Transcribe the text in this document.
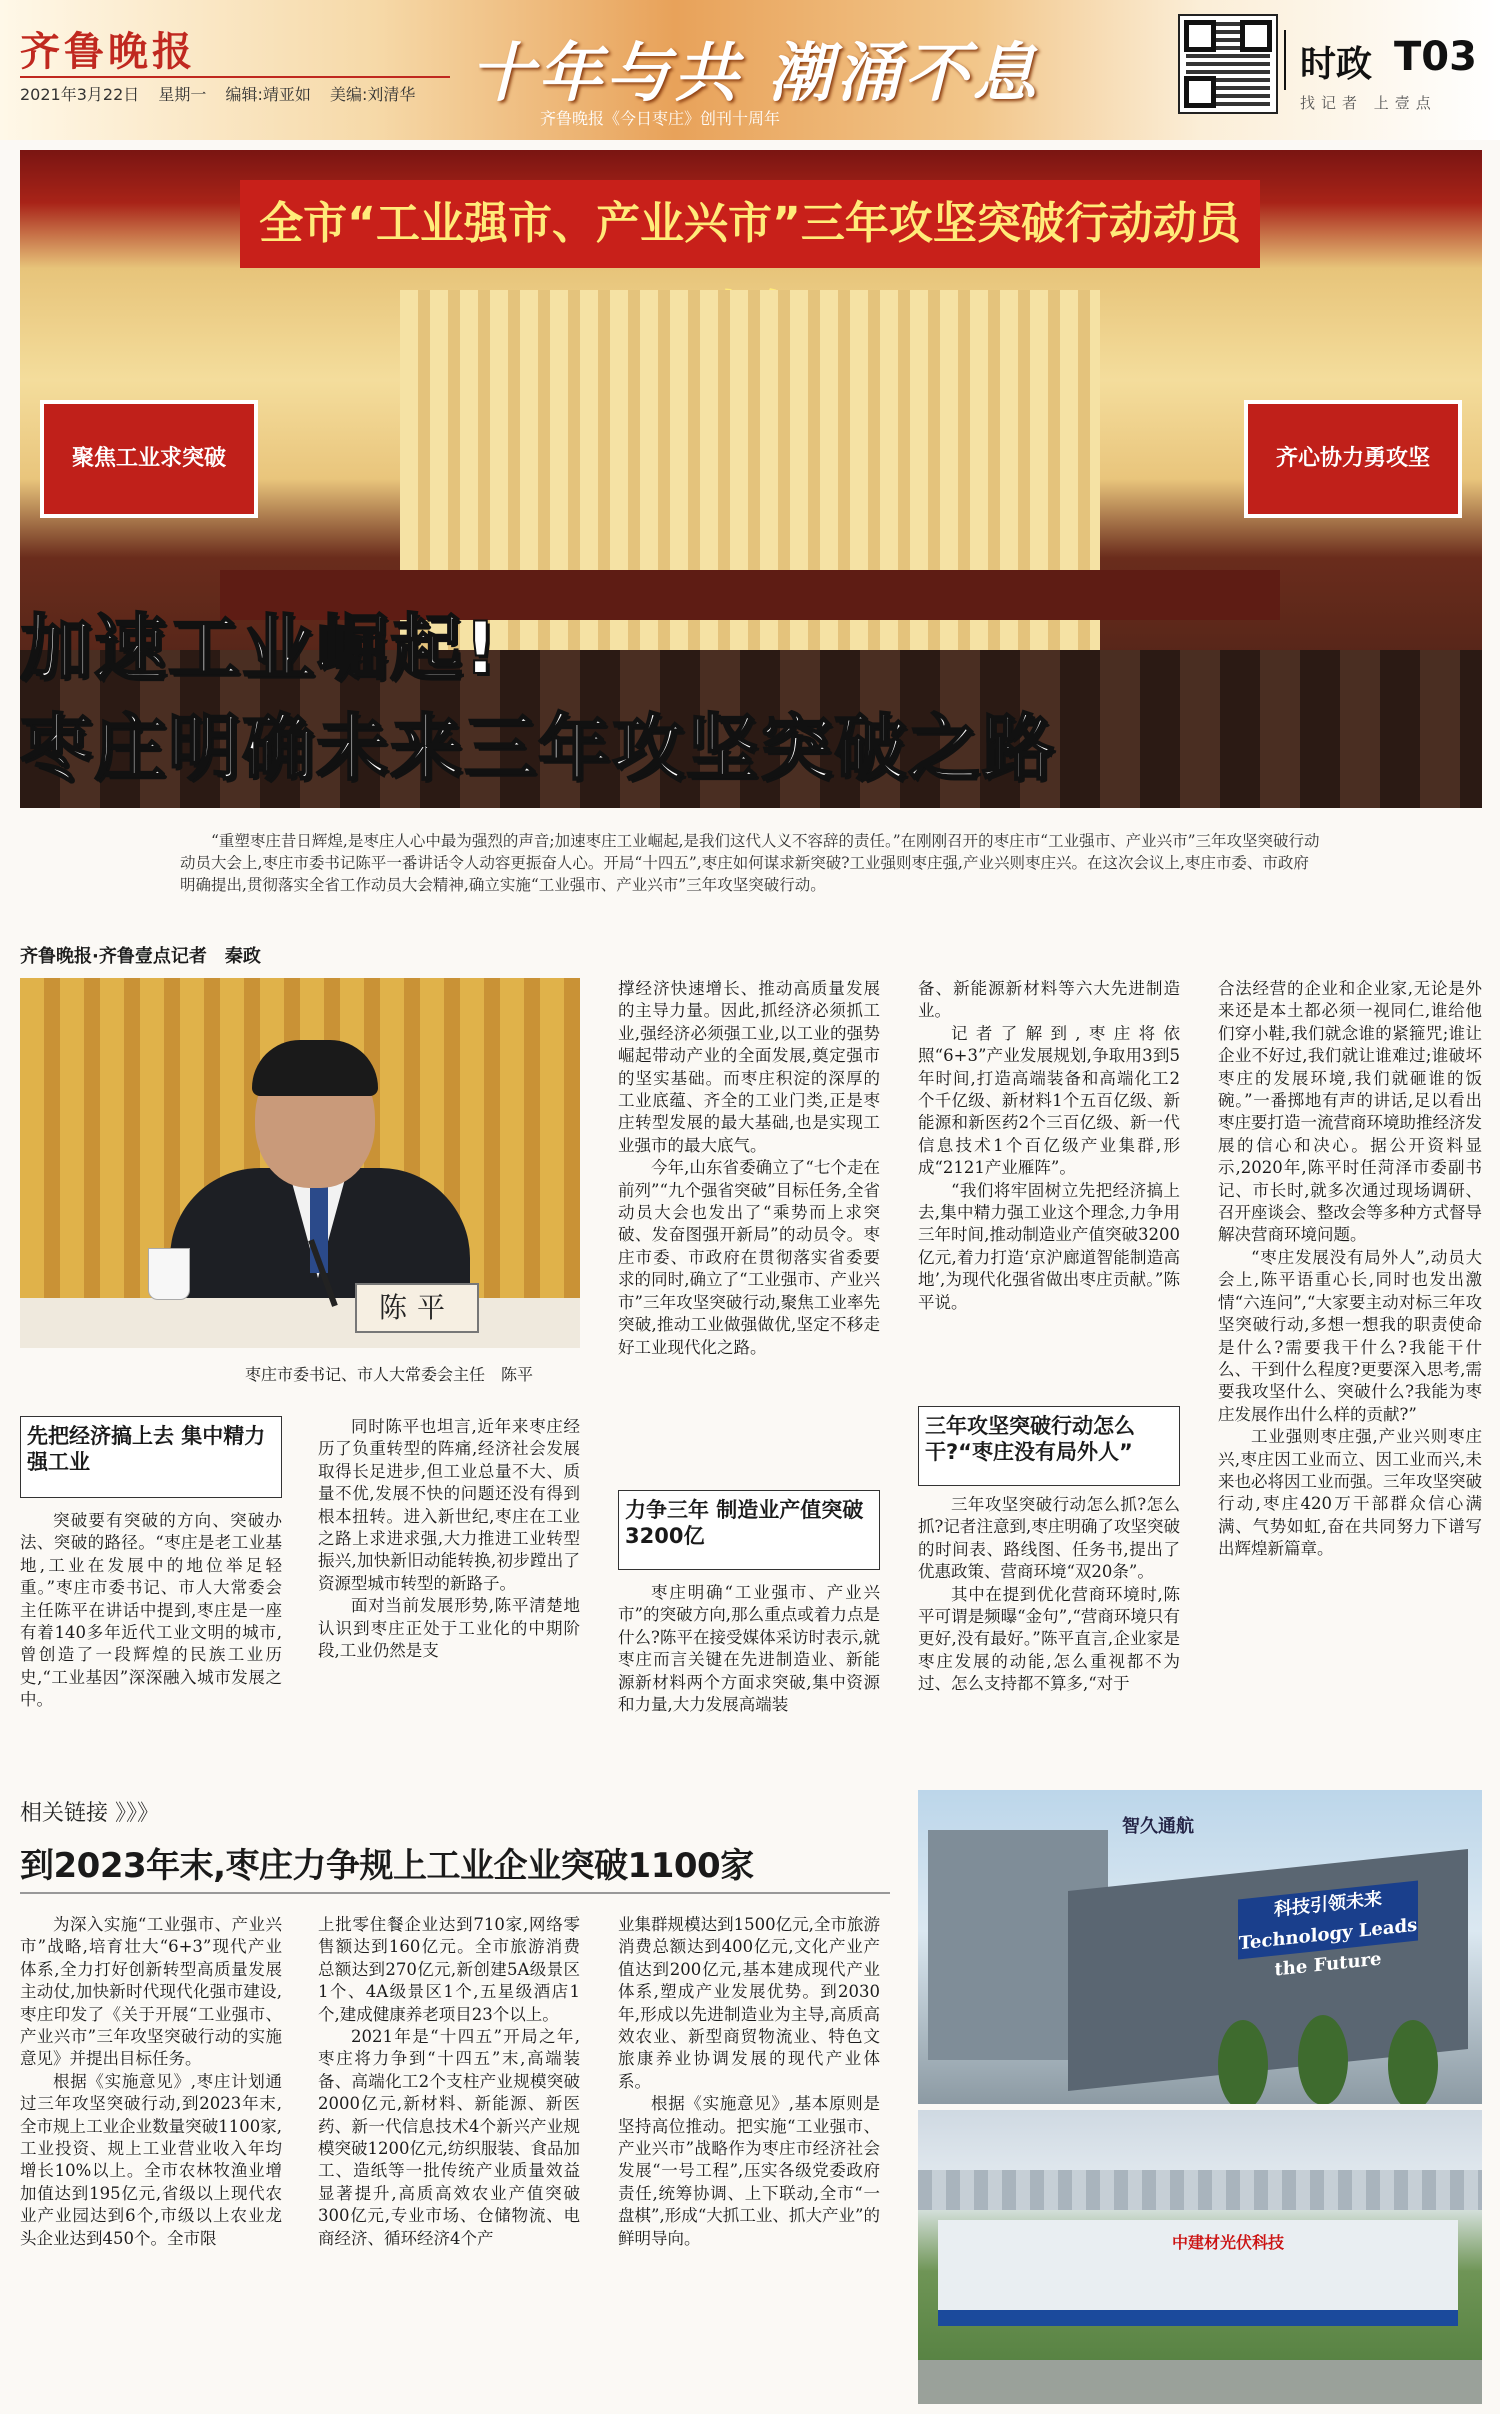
齐鲁晚报
2021年3月22日 星期一 编辑:靖亚如 美编:刘清华 十年与共 潮涌不息
齐鲁晚报《今日枣庄》创刊十周年
时政 T03
找记者 上壹点
全市“工业强市、产业兴市”三年攻坚突破行动动员
聚焦工业求突破	齐心协力勇攻坚
加速工业崛起!
枣庄明确未来三年攻坚突破之路
“重塑枣庄昔日辉煌,是枣庄人心中最为强烈的声音;加速枣庄工业崛起,是我们这代人义不容辞的责任。”在刚刚召开的枣庄市“工业强市、产业兴市”三年攻坚突破行动动员大会上,枣庄市委书记陈平一番讲话令人动容更振奋人心。开局“十四五”,枣庄如何谋求新突破?工业强则枣庄强,产业兴则枣庄兴。在这次会议上,枣庄市委、市政府明确提出,贯彻落实全省工作动员大会精神,确立实施“工业强市、产业兴市”三年攻坚突破行动。
齐鲁晚报·齐鲁壹点记者　秦政
陈平
枣庄市委书记、市人大常委会主任　陈平
先把经济搞上去 集中精力强工业

突破要有突破的方向、突破办法、突破的路径。“枣庄是老工业基地,工业在发展中的地位举足轻重。”枣庄市委书记、市人大常委会主任陈平在讲话中提到,枣庄是一座有着140多年近代工业文明的城市,曾创造了一段辉煌的民族工业历史,“工业基因”深深融入城市发展之中。

同时陈平也坦言,近年来枣庄经历了负重转型的阵痛,经济社会发展取得长足进步,但工业总量不大、质量不优,发展不快的问题还没有得到根本扭转。进入新世纪,枣庄在工业之路上求进求强,大力推进工业转型振兴,加快新旧动能转换,初步蹚出了资源型城市转型的新路子。

面对当前发展形势,陈平清楚地认识到枣庄正处于工业化的中期阶段,工业仍然是支

撑经济快速增长、推动高质量发展的主导力量。因此,抓经济必须抓工业,强经济必须强工业,以工业的强势崛起带动产业的全面发展,奠定强市的坚实基础。而枣庄积淀的深厚的工业底蕴、齐全的工业门类,正是枣庄转型发展的最大基础,也是实现工业强市的最大底气。

今年,山东省委确立了“七个走在前列”“九个强省突破”目标任务,全省动员大会也发出了“乘势而上求突破、发奋图强开新局”的动员令。枣庄市委、市政府在贯彻落实省委要求的同时,确立了“工业强市、产业兴市”三年攻坚突破行动,聚焦工业率先突破,推动工业做强做优,坚定不移走好工业现代化之路。

力争三年 制造业产值突破3200亿

枣庄明确“工业强市、产业兴市”的突破方向,那么重点或着力点是什么?陈平在接受媒体采访时表示,就枣庄而言关键在先进制造业、新能源新材料两个方面求突破,集中资源和力量,大力发展高端装

备、新能源新材料等六大先进制造业。

记者了解到,枣庄将依照“6+3”产业发展规划,争取用3到5年时间,打造高端装备和高端化工2个千亿级、新材料1个五百亿级、新能源和新医药2个三百亿级、新一代信息技术1个百亿级产业集群,形成“2121产业雁阵”。

“我们将牢固树立先把经济搞上去,集中精力强工业这个理念,力争用三年时间,推动制造业产值突破3200亿元,着力打造‘京沪廊道智能制造高地’,为现代化强省做出枣庄贡献。”陈平说。

三年攻坚突破行动怎么干?“枣庄没有局外人”

三年攻坚突破行动怎么抓?怎么抓?记者注意到,枣庄明确了攻坚突破的时间表、路线图、任务书,提出了优惠政策、营商环境“双20条”。

其中在提到优化营商环境时,陈平可谓是频曝“金句”,“营商环境只有更好,没有最好。”陈平直言,企业家是枣庄发展的动能,怎么重视都不为过、怎么支持都不算多,“对于

合法经营的企业和企业家,无论是外来还是本土都必须一视同仁,谁给他们穿小鞋,我们就念谁的紧箍咒;谁让企业不好过,我们就让谁难过;谁破坏枣庄的发展环境,我们就砸谁的饭碗。”一番掷地有声的讲话,足以看出枣庄要打造一流营商环境助推经济发展的信心和决心。据公开资料显示,2020年,陈平时任菏泽市委副书记、市长时,就多次通过现场调研、召开座谈会、整改会等多种方式督导解决营商环境问题。

“枣庄发展没有局外人”,动员大会上,陈平语重心长,同时也发出激情“六连问”,“大家要主动对标三年攻坚突破行动,多想一想我的职责使命是什么?需要我干什么?我能干什么、干到什么程度?更要深入思考,需要我攻坚什么、突破什么?我能为枣庄发展作出什么样的贡献?”

工业强则枣庄强,产业兴则枣庄兴,枣庄因工业而立、因工业而兴,未来也必将因工业而强。三年攻坚突破行动,枣庄420万干部群众信心满满、气势如虹,奋在共同努力下谱写出辉煌新篇章。

相关链接 》》》
到2023年末,枣庄力争规上工业企业突破1100家

为深入实施“工业强市、产业兴市”战略,培育壮大“6+3”现代产业体系,全力打好创新转型高质量发展主动仗,加快新时代现代化强市建设,枣庄印发了《关于开展“工业强市、产业兴市”三年攻坚突破行动的实施意见》并提出目标任务。

根据《实施意见》,枣庄计划通过三年攻坚突破行动,到2023年末,全市规上工业企业数量突破1100家,工业投资、规上工业营业收入年均增长10%以上。全市农林牧渔业增加值达到195亿元,省级以上现代农业产业园达到6个,市级以上农业龙头企业达到450个。全市限

上批零住餐企业达到710家,网络零售额达到160亿元。全市旅游消费总额达到270亿元,新创建5A级景区1个、4A级景区1个,五星级酒店1个,建成健康养老项目23个以上。

2021年是“十四五”开局之年,枣庄将力争到“十四五”末,高端装备、高端化工2个支柱产业规模突破2000亿元,新材料、新能源、新医药、新一代信息技术4个新兴产业规模突破1200亿元,纺织服装、食品加工、造纸等一批传统产业质量效益显著提升,高质高效农业产值突破300亿元,专业市场、仓储物流、电商经济、循环经济4个产

业集群规模达到1500亿元,全市旅游消费总额达到400亿元,文化产业产值达到200亿元,基本建成现代产业体系,塑成产业发展优势。到2030年,形成以先进制造业为主导,高质高效农业、新型商贸物流业、特色文旅康养业协调发展的现代产业体系。

根据《实施意见》,基本原则是坚持高位推动。把实施“工业强市、产业兴市”战略作为枣庄市经济社会发展“一号工程”,压实各级党委政府责任,统筹协调、上下联动,全市“一盘棋”,形成“大抓工业、抓大产业”的鲜明导向。

智久通航
科技引领未来 Technology Leads the Future
中建材光伏科技
